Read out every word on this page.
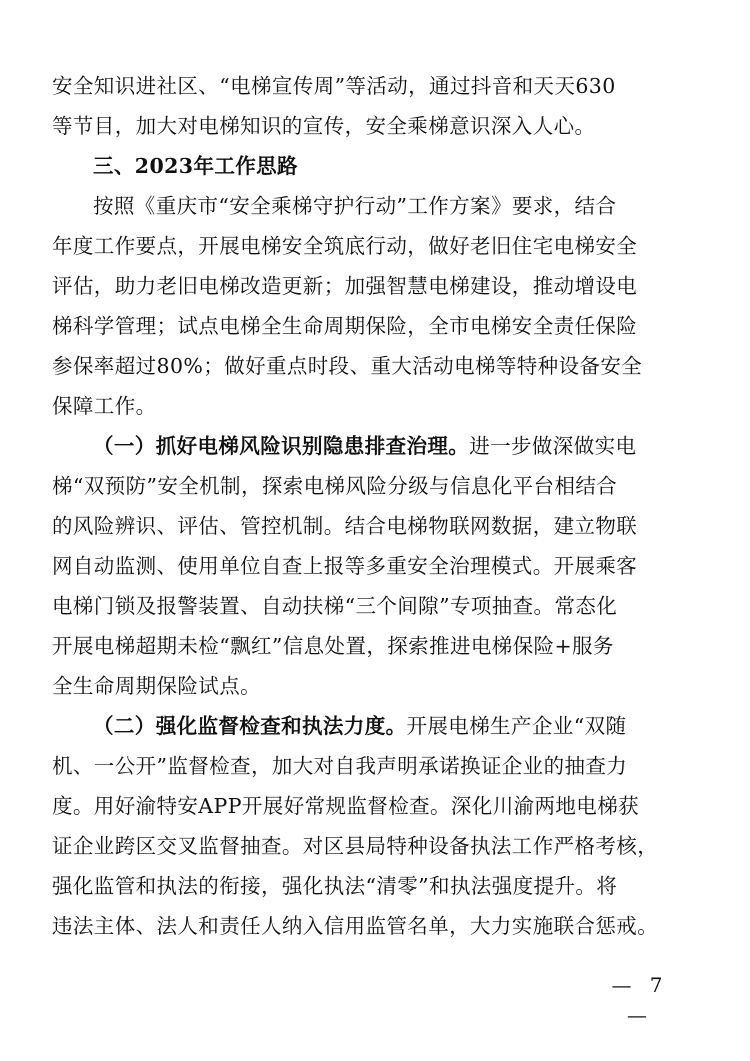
安全知识进社区、“电梯宣传周”等活动，通过抖音和天天630
等节目，加大对电梯知识的宣传，安全乘梯意识深入人心。
三、2023年工作思路
按照《重庆市“安全乘梯守护行动”工作方案》要求，结合
年度工作要点，开展电梯安全筑底行动，做好老旧住宅电梯安全
评估，助力老旧电梯改造更新；加强智慧电梯建设，推动增设电
梯科学管理；试点电梯全生命周期保险，全市电梯安全责任保险
参保率超过80%；做好重点时段、重大活动电梯等特种设备安全
保障工作。
（一）抓好电梯风险识别隐患排查治理。进一步做深做实电
梯“双预防”安全机制，探索电梯风险分级与信息化平台相结合
的风险辨识、评估、管控机制。结合电梯物联网数据，建立物联
网自动监测、使用单位自查上报等多重安全治理模式。开展乘客
电梯门锁及报警装置、自动扶梯“三个间隙”专项抽查。常态化
开展电梯超期未检“飘红”信息处置，探索推进电梯保险+服务
全生命周期保险试点。
（二）强化监督检查和执法力度。开展电梯生产企业“双随
机、一公开”监督检查，加大对自我声明承诺换证企业的抽查力
度。用好渝特安APP开展好常规监督检查。深化川渝两地电梯获
证企业跨区交叉监督抽查。对区县局特种设备执法工作严格考核，
强化监管和执法的衔接，强化执法“清零”和执法强度提升。将
违法主体、法人和责任人纳入信用监管名单，大力实施联合惩戒。
— 7 —
